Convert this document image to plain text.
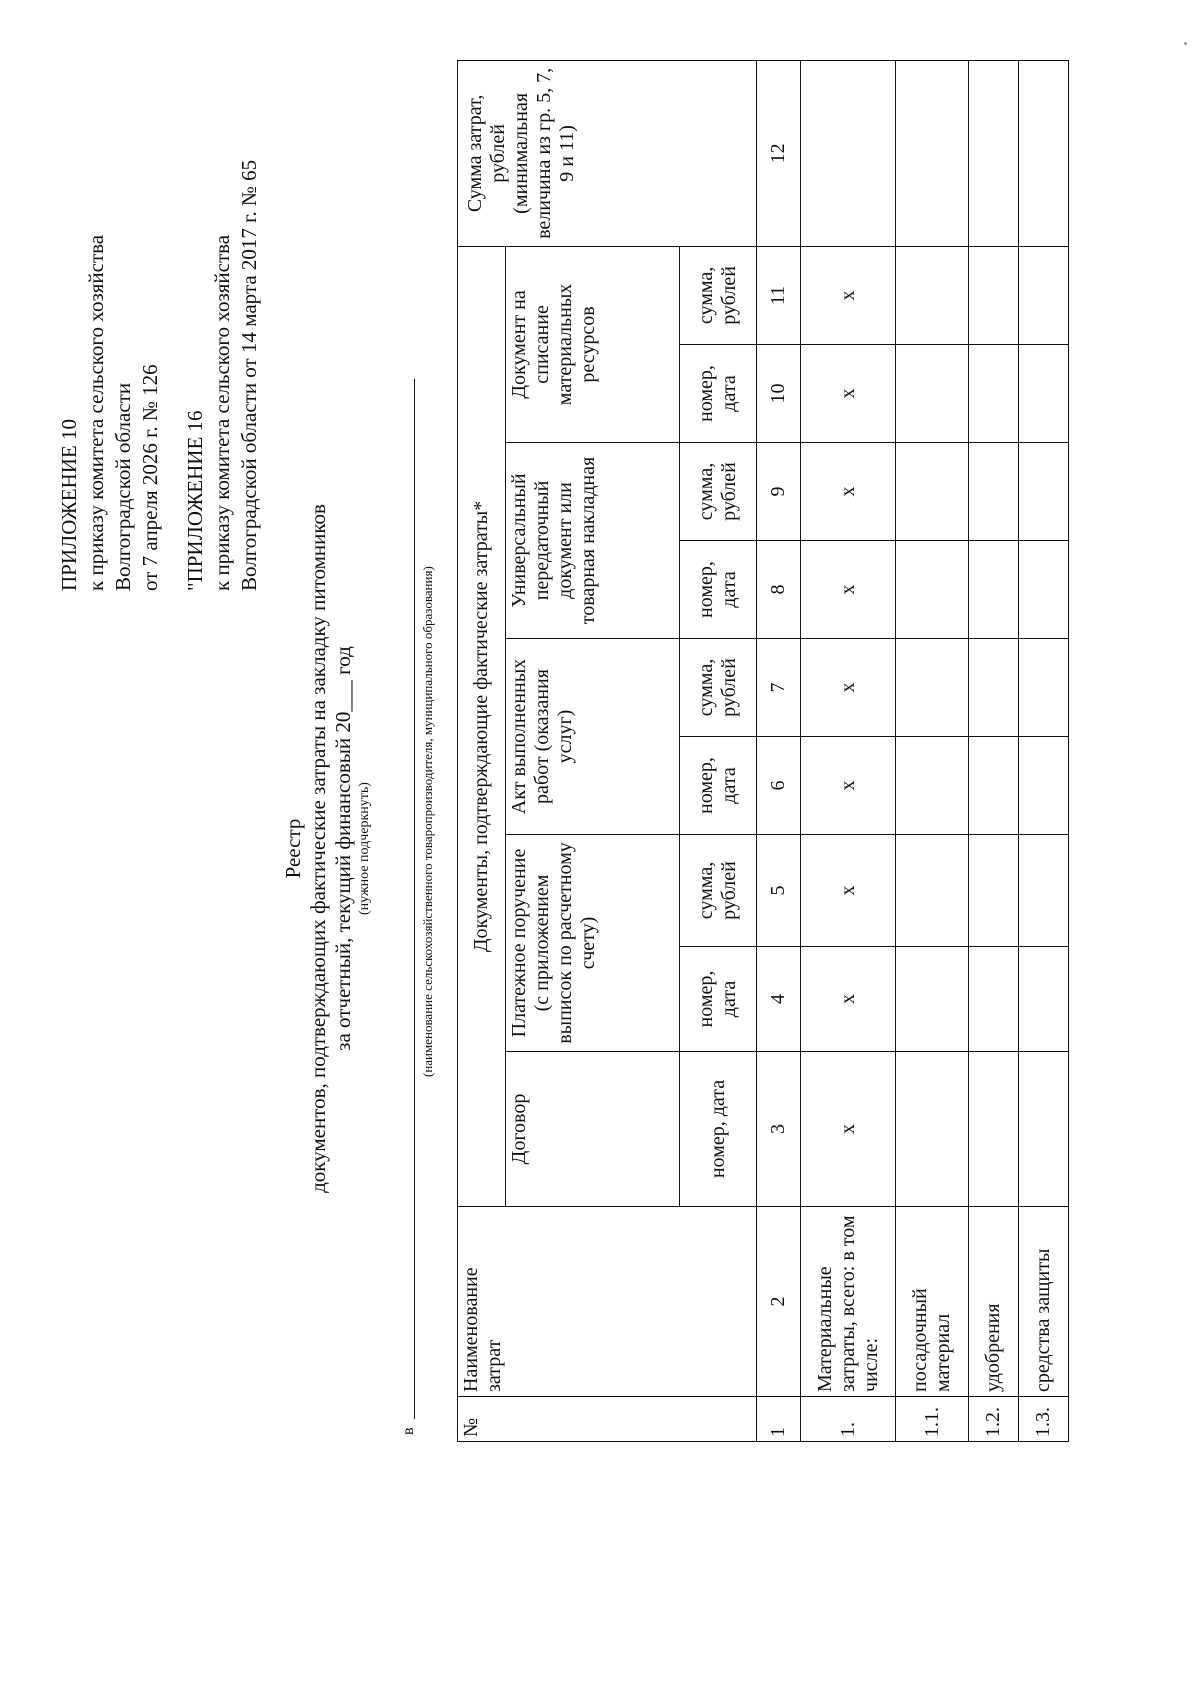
ПРИЛОЖЕНИЕ 10 к приказу комитета сельского хозяйства Волгоградской области от 7 апреля 2026 г. № 126 "ПРИЛОЖЕНИЕ 16 к приказу комитета сельского хозяйства Волгоградской области от 14 марта 2017 г. № 65
Реестр документов, подтверждающих фактические затраты на закладку питомников за отчетный, текущий финансовый 20___ год (нужное подчеркнуть)
в
(наименование сельскохозяйственного товаропроизводителя, муниципального образования)
№	Наименование затрат	Документы, подтверждающие фактические затраты*									Сумма затрат, рублей (минимальная величина из гр. 5, 7, 9 и 11)
		Договор	Платежное поручение (с приложением выписок по расчетному счету)		Акт выполненных работ (оказания услуг)		Универсальный передаточный документ или товарная накладная		Документ на списание материальных ресурсов		
		номер, дата	номер, дата	сумма, рублей	номер, дата	сумма, рублей	номер, дата	сумма, рублей	номер, дата	сумма, рублей	
1	2	3	4	5	6	7	8	9	10	11	12
1.	Материальные затраты, всего: в том числе:	х	х	х	х	х	х	х	х	х	
1.1.	посадочный материал										
1.2.	удобрения										
1.3.	средства защиты										
